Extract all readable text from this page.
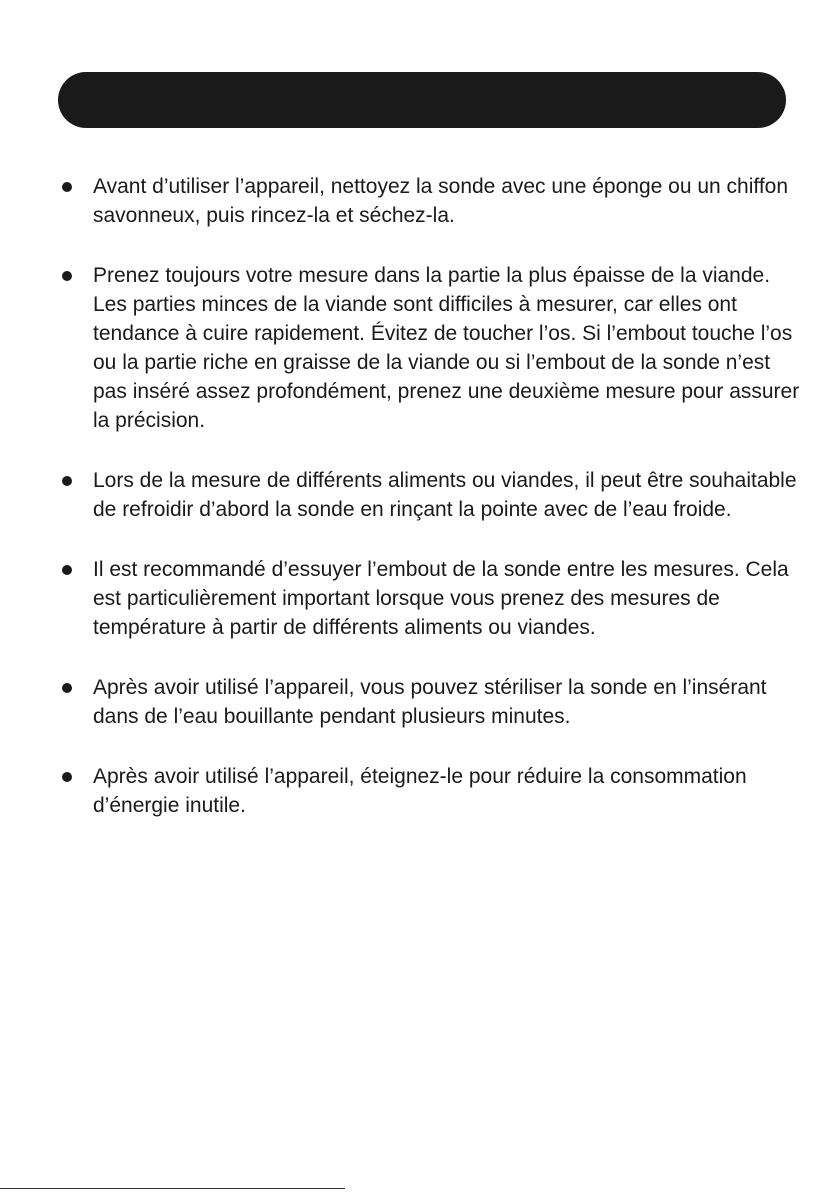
Avant d’utiliser l’appareil, nettoyez la sonde avec une éponge ou un chiffon savonneux, puis rincez-la et séchez-la.
Prenez toujours votre mesure dans la partie la plus épaisse de la viande. Les parties minces de la viande sont difficiles à mesurer, car elles ont tendance à cuire rapidement. Évitez de toucher l’os. Si l’embout touche l’os ou la partie riche en graisse de la viande ou si l’embout de la sonde n’est pas inséré assez profondément, prenez une deuxième mesure pour assurer la précision.
Lors de la mesure de différents aliments ou viandes, il peut être souhaitable de refroidir d’abord la sonde en rinçant la pointe avec de l’eau froide.
Il est recommandé d’essuyer l’embout de la sonde entre les mesures. Cela est particulièrement important lorsque vous prenez des mesures de température à partir de différents aliments ou viandes.
Après avoir utilisé l’appareil, vous pouvez stériliser la sonde en l’insérant dans de l’eau bouillante pendant plusieurs minutes.
Après avoir utilisé l’appareil, éteignez-le pour réduire la consommation d’énergie inutile.
